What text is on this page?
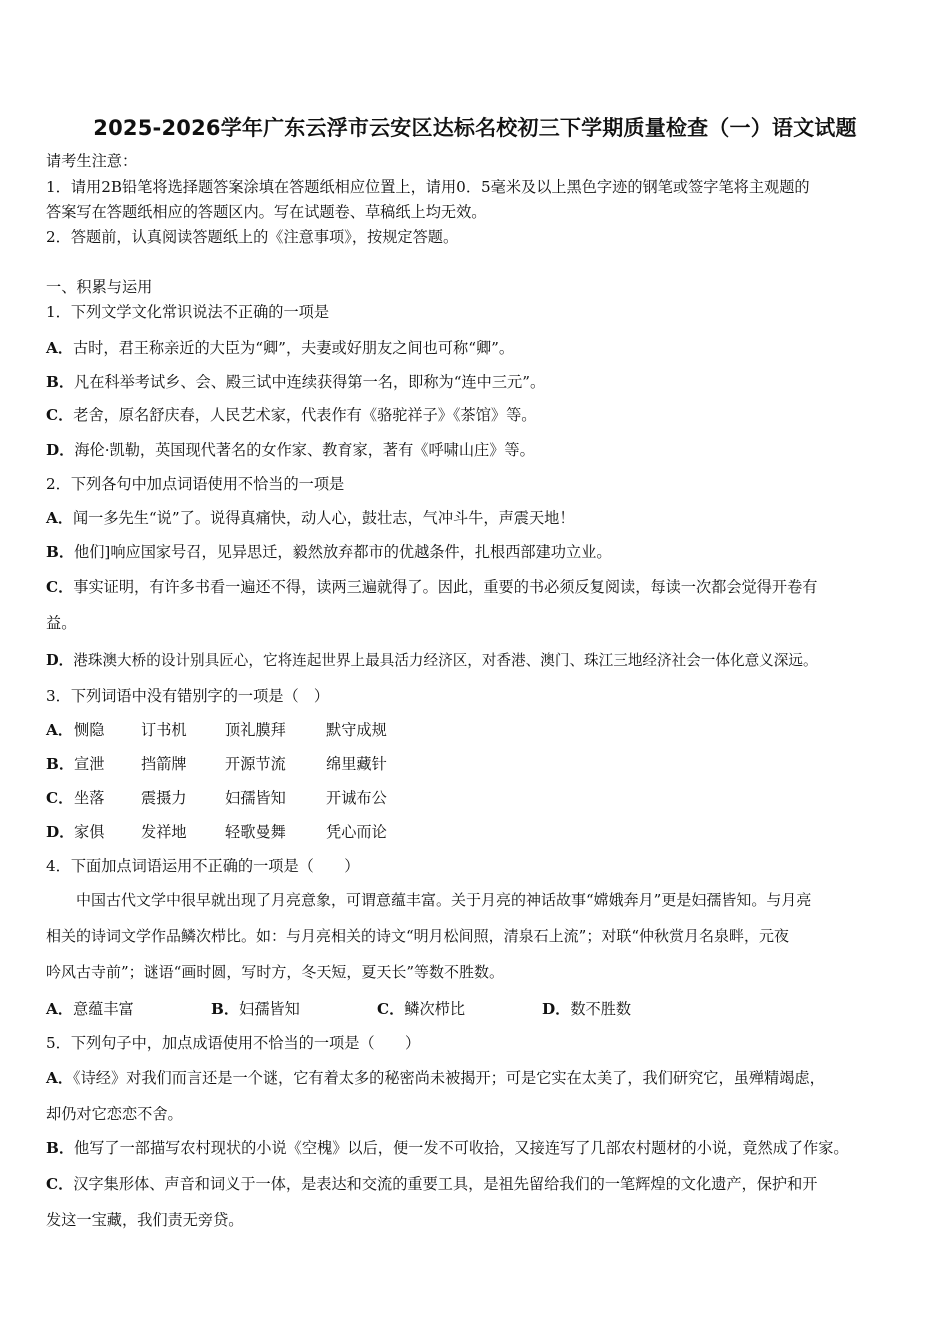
2025-2026学年广东云浮市云安区达标名校初三下学期质量检查（一）语文试题
请考生注意：
1．请用2B铅笔将选择题答案涂填在答题纸相应位置上，请用0．5毫米及以上黑色字迹的钢笔或签字笔将主观题的
答案写在答题纸相应的答题区内。写在试题卷、草稿纸上均无效。
2．答题前，认真阅读答题纸上的《注意事项》，按规定答题。
一、积累与运用
1．下列文学文化常识说法不正确的一项是
A．古时，君王称亲近的大臣为“卿”，夫妻或好朋友之间也可称“卿”。
B．凡在科举考试乡、会、殿三试中连续获得第一名，即称为“连中三元”。
C．老舍，原名舒庆春，人民艺术家，代表作有《骆驼祥子》《茶馆》等。
D．海伦·凯勒，英国现代著名的女作家、教育家，著有《呼啸山庄》等。
2．下列各句中加点词语使用不恰当的一项是
A．闻一多先生“说”了。说得真痛快，动人心，鼓壮志，气冲斗牛，声震天地！
B．他们]响应国家号召，见异思迁，毅然放弃都市的优越条件，扎根西部建功立业。
C．事实证明，有许多书看一遍还不得，读两三遍就得了。因此，重要的书必须反复阅读，每读一次都会觉得开卷有
益。
D．港珠澳大桥的设计别具匠心，它将连起世界上最具活力经济区，对香港、澳门、珠江三地经济社会一体化意义深远。
3．下列词语中没有错别字的一项是（　）
A． 恻隐 订书机	顶礼膜拜	默守成规
B． 宣泄 挡箭牌	开源节流	绵里藏针
C． 坐落 震摄力	妇孺皆知	开诚布公
D． 家俱 发祥地	轻歌曼舞	凭心而论
4．下面加点词语运用不正确的一项是（　　）
　　中国古代文学中很早就出现了月亮意象，可谓意蕴丰富。关于月亮的神话故事“嫦娥奔月”更是妇孺皆知。与月亮
相关的诗词文学作品鳞次栉比。如：与月亮相关的诗文“明月松间照，清泉石上流”；对联“仲秋赏月名泉畔，元夜
吟风古寺前”；谜语“画时圆，写时方，冬天短，夏天长”等数不胜数。
A．意蕴丰富	B．妇孺皆知	C．鳞次栉比	D．数不胜数
5．下列句子中，加点成语使用不恰当的一项是（　　）
A．《诗经》对我们而言还是一个谜，它有着太多的秘密尚未被揭开；可是它实在太美了，我们研究它，虽殚精竭虑，
却仍对它恋恋不舍。
B．他写了一部描写农村现状的小说《空槐》以后，便一发不可收拾，又接连写了几部农村题材的小说，竟然成了作家。
C．汉字集形体、声音和词义于一体，是表达和交流的重要工具，是祖先留给我们的一笔辉煌的文化遗产，保护和开
发这一宝藏，我们责无旁贷。
